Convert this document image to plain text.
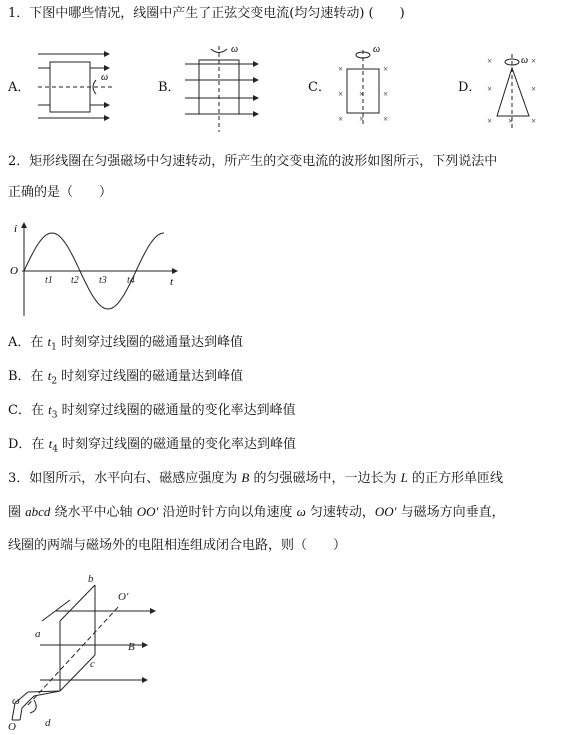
1．下图中哪些情况，线圈中产生了正弦交变电流(均匀速转动) (　　)
A．
ω
B．
ω
C．
×	×
× × ×
× × ×
ω
D．
×	×
×	×
× × ×
ω
2．矩形线圈在匀强磁场中匀速转动，所产生的交变电流的波形如图所示，下列说法中
正确的是（　　）
i
t
O
t1 t2 t3 t4
A．在 $t_1$ 时刻穿过线圈的磁通量达到峰值
B．在 $t_2$ 时刻穿过线圈的磁通量达到峰值
C．在 $t_3$ 时刻穿过线圈的磁通量的变化率达到峰值
D．在 $t_4$ 时刻穿过线圈的磁通量的变化率达到峰值
3．如图所示，水平向右、磁感应强度为 B 的匀强磁场中，一边长为 L 的正方形单匝线
圈 abcd 绕水平中心轴 OO′ 沿逆时针方向以角速度 ω 匀速转动，OO′ 与磁场方向垂直，
线圈的两端与磁场外的电阻相连组成闭合电路，则（　　）
b
a
c
d
B
O′
O
ω
